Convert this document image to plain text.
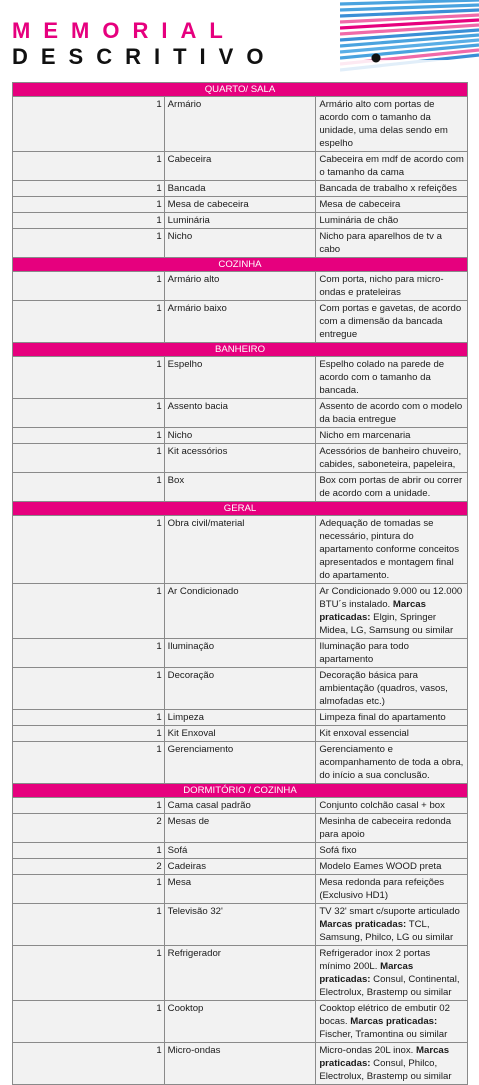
MEMORIAL
DESCRITIVO
QUARTO/ SALA		
1	Armário	Armário alto com portas de acordo com o tamanho da unidade, uma delas sendo em espelho
1	Cabeceira	Cabeceira em mdf de acordo com o tamanho da cama
1	Bancada	Bancada de trabalho x refeições
1	Mesa de cabeceira	Mesa de cabeceira
1	Luminária	Luminária de chão
1	Nicho	Nicho para aparelhos de tv a cabo
COZINHA		
1	Armário alto	Com porta, nicho para micro-ondas e prateleiras
1	Armário baixo	Com portas e gavetas, de acordo com a dimensão da bancada entregue
BANHEIRO		
1	Espelho	Espelho colado na parede de acordo com o tamanho da bancada.
1	Assento bacia	Assento de acordo com o modelo da bacia entregue
1	Nicho	Nicho em marcenaria
1	Kit acessórios	Acessórios de banheiro chuveiro, cabides, saboneteira, papeleira,
1	Box	Box com portas de abrir ou correr de acordo com a unidade.
GERAL		
1	Obra civil/material	Adequação de tomadas se necessário, pintura do apartamento conforme conceitos apresentados e montagem final do apartamento.
1	Ar Condicionado	Ar Condicionado 9.000 ou 12.000 BTU´s instalado. Marcas praticadas: Elgin, Springer Midea, LG, Samsung ou similar
1	Iluminação	Iluminação para todo apartamento
1	Decoração	Decoração básica para ambientação (quadros, vasos, almofadas etc.)
1	Limpeza	Limpeza final do apartamento
1	Kit Enxoval	Kit enxoval essencial
1	Gerenciamento	Gerenciamento e acompanhamento de toda a obra, do início a sua conclusão.
DORMITÓRIO / COZINHA		
1	Cama casal padrão	Conjunto colchão casal + box
2	Mesas de	Mesinha de cabeceira redonda para apoio
1	Sofá	Sofá fixo
2	Cadeiras	Modelo Eames WOOD preta
1	Mesa	Mesa redonda para refeições (Exclusivo HD1)
1	Televisão 32'	TV 32' smart c/suporte articulado Marcas praticadas: TCL, Samsung, Philco, LG ou similar
1	Refrigerador	Refrigerador inox 2 portas mínimo 200L. Marcas praticadas: Consul, Continental, Electrolux, Brastemp ou similar
1	Cooktop	Cooktop elétrico de embutir 02 bocas. Marcas praticadas: Fischer, Tramontina ou similar
1	Micro-ondas	Micro-ondas 20L inox. Marcas praticadas: Consul, Philco, Electrolux, Brastemp ou similar
